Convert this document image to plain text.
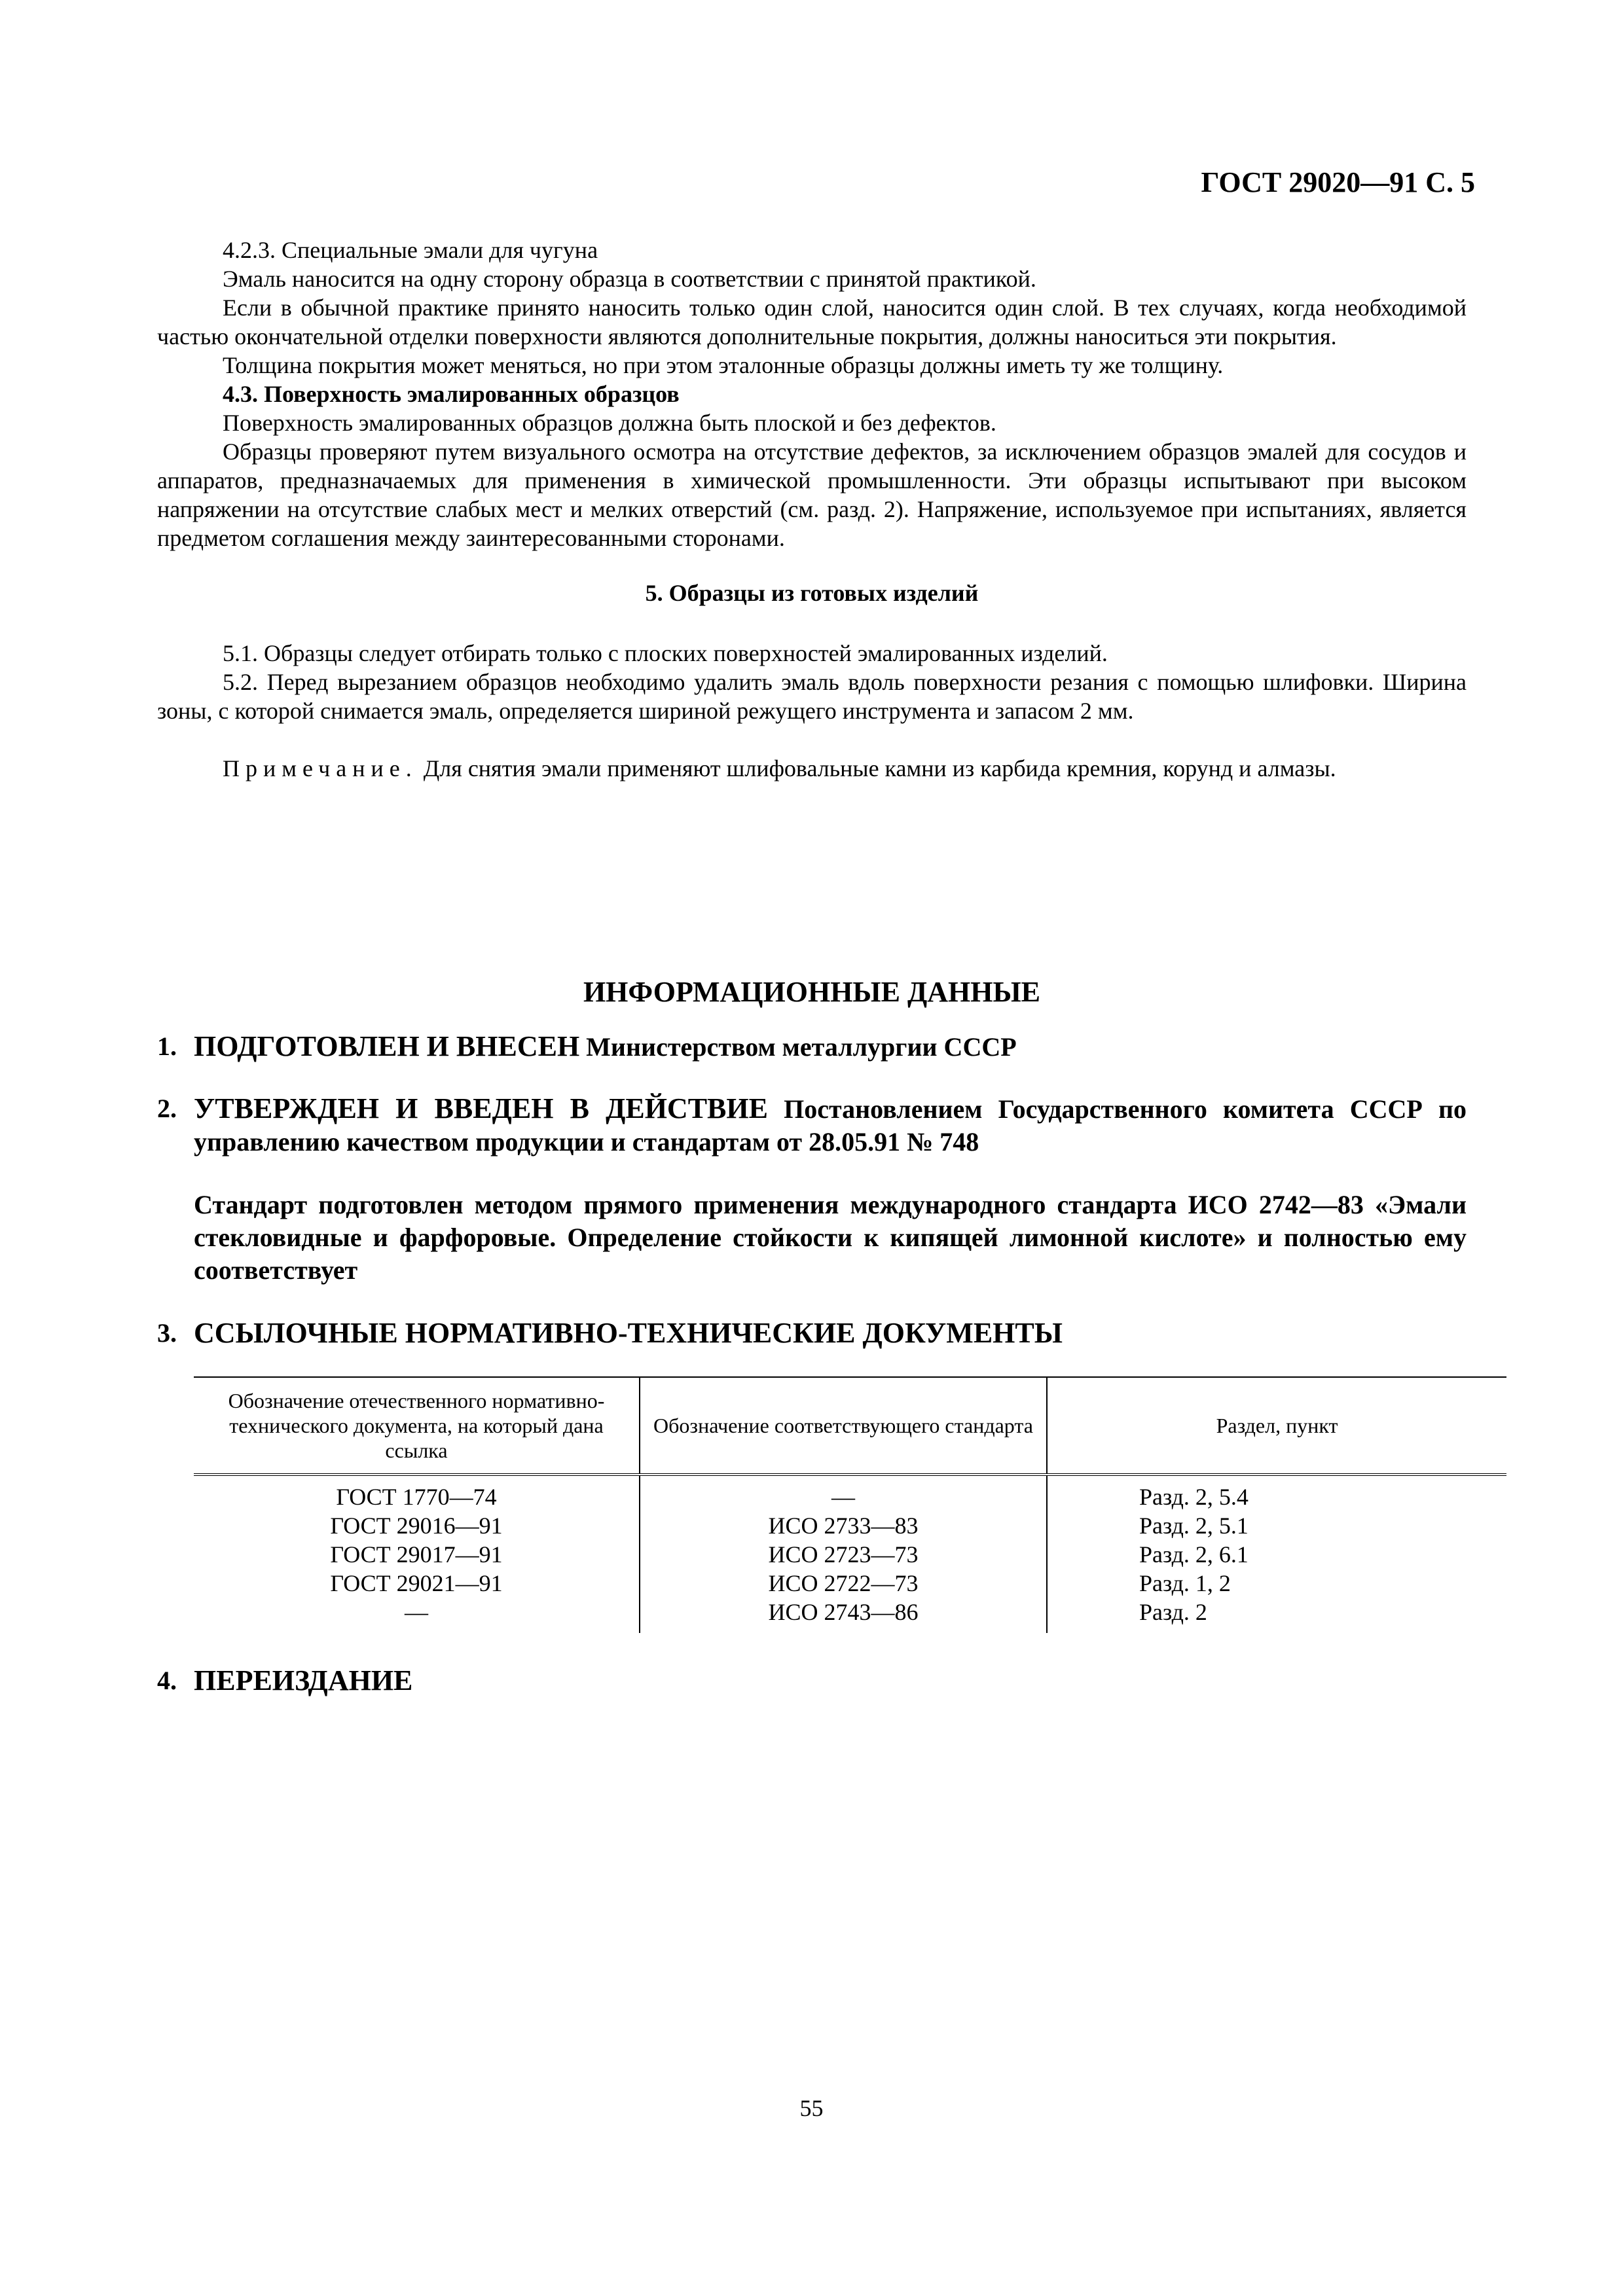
ГОСТ 29020—91 С. 5

4.2.3. Специальные эмали для чугуна

Эмаль наносится на одну сторону образца в соответствии с принятой практикой.

Если в обычной практике принято наносить только один слой, наносится один слой. В тех случаях, когда необходимой частью окончательной отделки поверхности являются дополнительные покрытия, должны наноситься эти покрытия.

Толщина покрытия может меняться, но при этом эталонные образцы должны иметь ту же толщину.

4.3. Поверхность эмалированных образцов

Поверхность эмалированных образцов должна быть плоской и без дефектов.

Образцы проверяют путем визуального осмотра на отсутствие дефектов, за исключением образцов эмалей для сосудов и аппаратов, предназначаемых для применения в химической промышленности. Эти образцы испытывают при высоком напряжении на отсутствие слабых мест и мелких отверстий (см. разд. 2). Напряжение, используемое при испытаниях, является предметом соглашения между заинтересованными сторонами.

5. Образцы из готовых изделий

5.1. Образцы следует отбирать только с плоских поверхностей эмалированных изделий.

5.2. Перед вырезанием образцов необходимо удалить эмаль вдоль поверхности резания с помощью шлифовки. Ширина зоны, с которой снимается эмаль, определяется шириной режущего инструмента и запасом 2 мм.

Примечание. Для снятия эмали применяют шлифовальные камни из карбида кремния, корунд и алмазы.

ИНФОРМАЦИОННЫЕ ДАННЫЕ

1. ПОДГОТОВЛЕН И ВНЕСЕН Министерством металлургии СССР
2. УТВЕРЖДЕН И ВВЕДЕН В ДЕЙСТВИЕ Постановлением Государственного комитета СССР по управлению качеством продукции и стандартам от 28.05.91 № 748

Стандарт подготовлен методом прямого применения международного стандарта ИСО 2742—83 «Эмали стекловидные и фарфоровые. Определение стойкости к кипящей лимонной кислоте» и полностью ему соответствует

3. ССЫЛОЧНЫЕ НОРМАТИВНО-ТЕХНИЧЕСКИЕ ДОКУМЕНТЫ
Обозначение отечественного нормативно-технического документа, на который дана ссылка	Обозначение соответствующего стандарта	Раздел, пункт
ГОСТ 1770—74	—	Разд. 2, 5.4
ГОСТ 29016—91	ИСО 2733—83	Разд. 2, 5.1
ГОСТ 29017—91	ИСО 2723—73	Разд. 2, 6.1
ГОСТ 29021—91	ИСО 2722—73	Разд. 1, 2
—	ИСО 2743—86	Разд. 2
4. ПЕРЕИЗДАНИЕ
55
